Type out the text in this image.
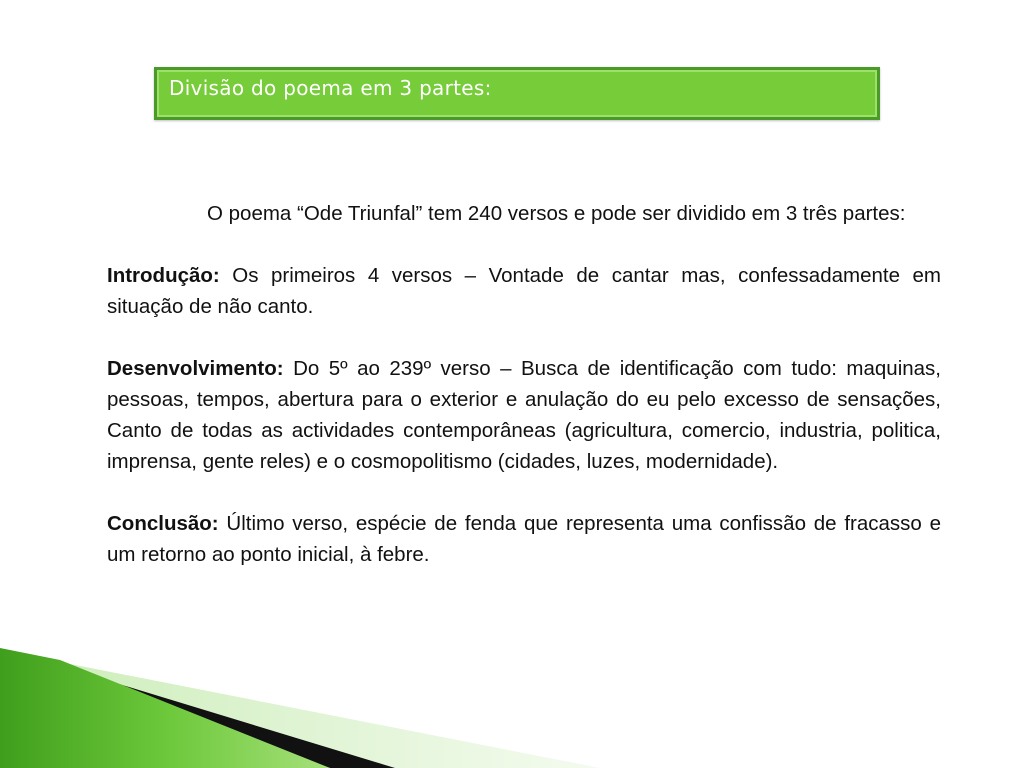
Divisão do poema em 3 partes:

O poema “Ode Triunfal” tem 240 versos e pode ser dividido em 3 três partes:

Introdução: Os primeiros 4 versos – Vontade de cantar mas, confessadamente em situação de não canto.

Desenvolvimento: Do 5º ao 239º verso – Busca de identificação com tudo: maquinas, pessoas, tempos, abertura para o exterior e anulação do eu pelo excesso de sensações, Canto de todas as actividades contemporâneas (agricultura, comercio, industria, politica, imprensa, gente reles) e o cosmopolitismo (cidades, luzes, modernidade).

Conclusão: Último verso, espécie de fenda que representa uma confissão de fracasso e um retorno ao ponto inicial, à febre.
